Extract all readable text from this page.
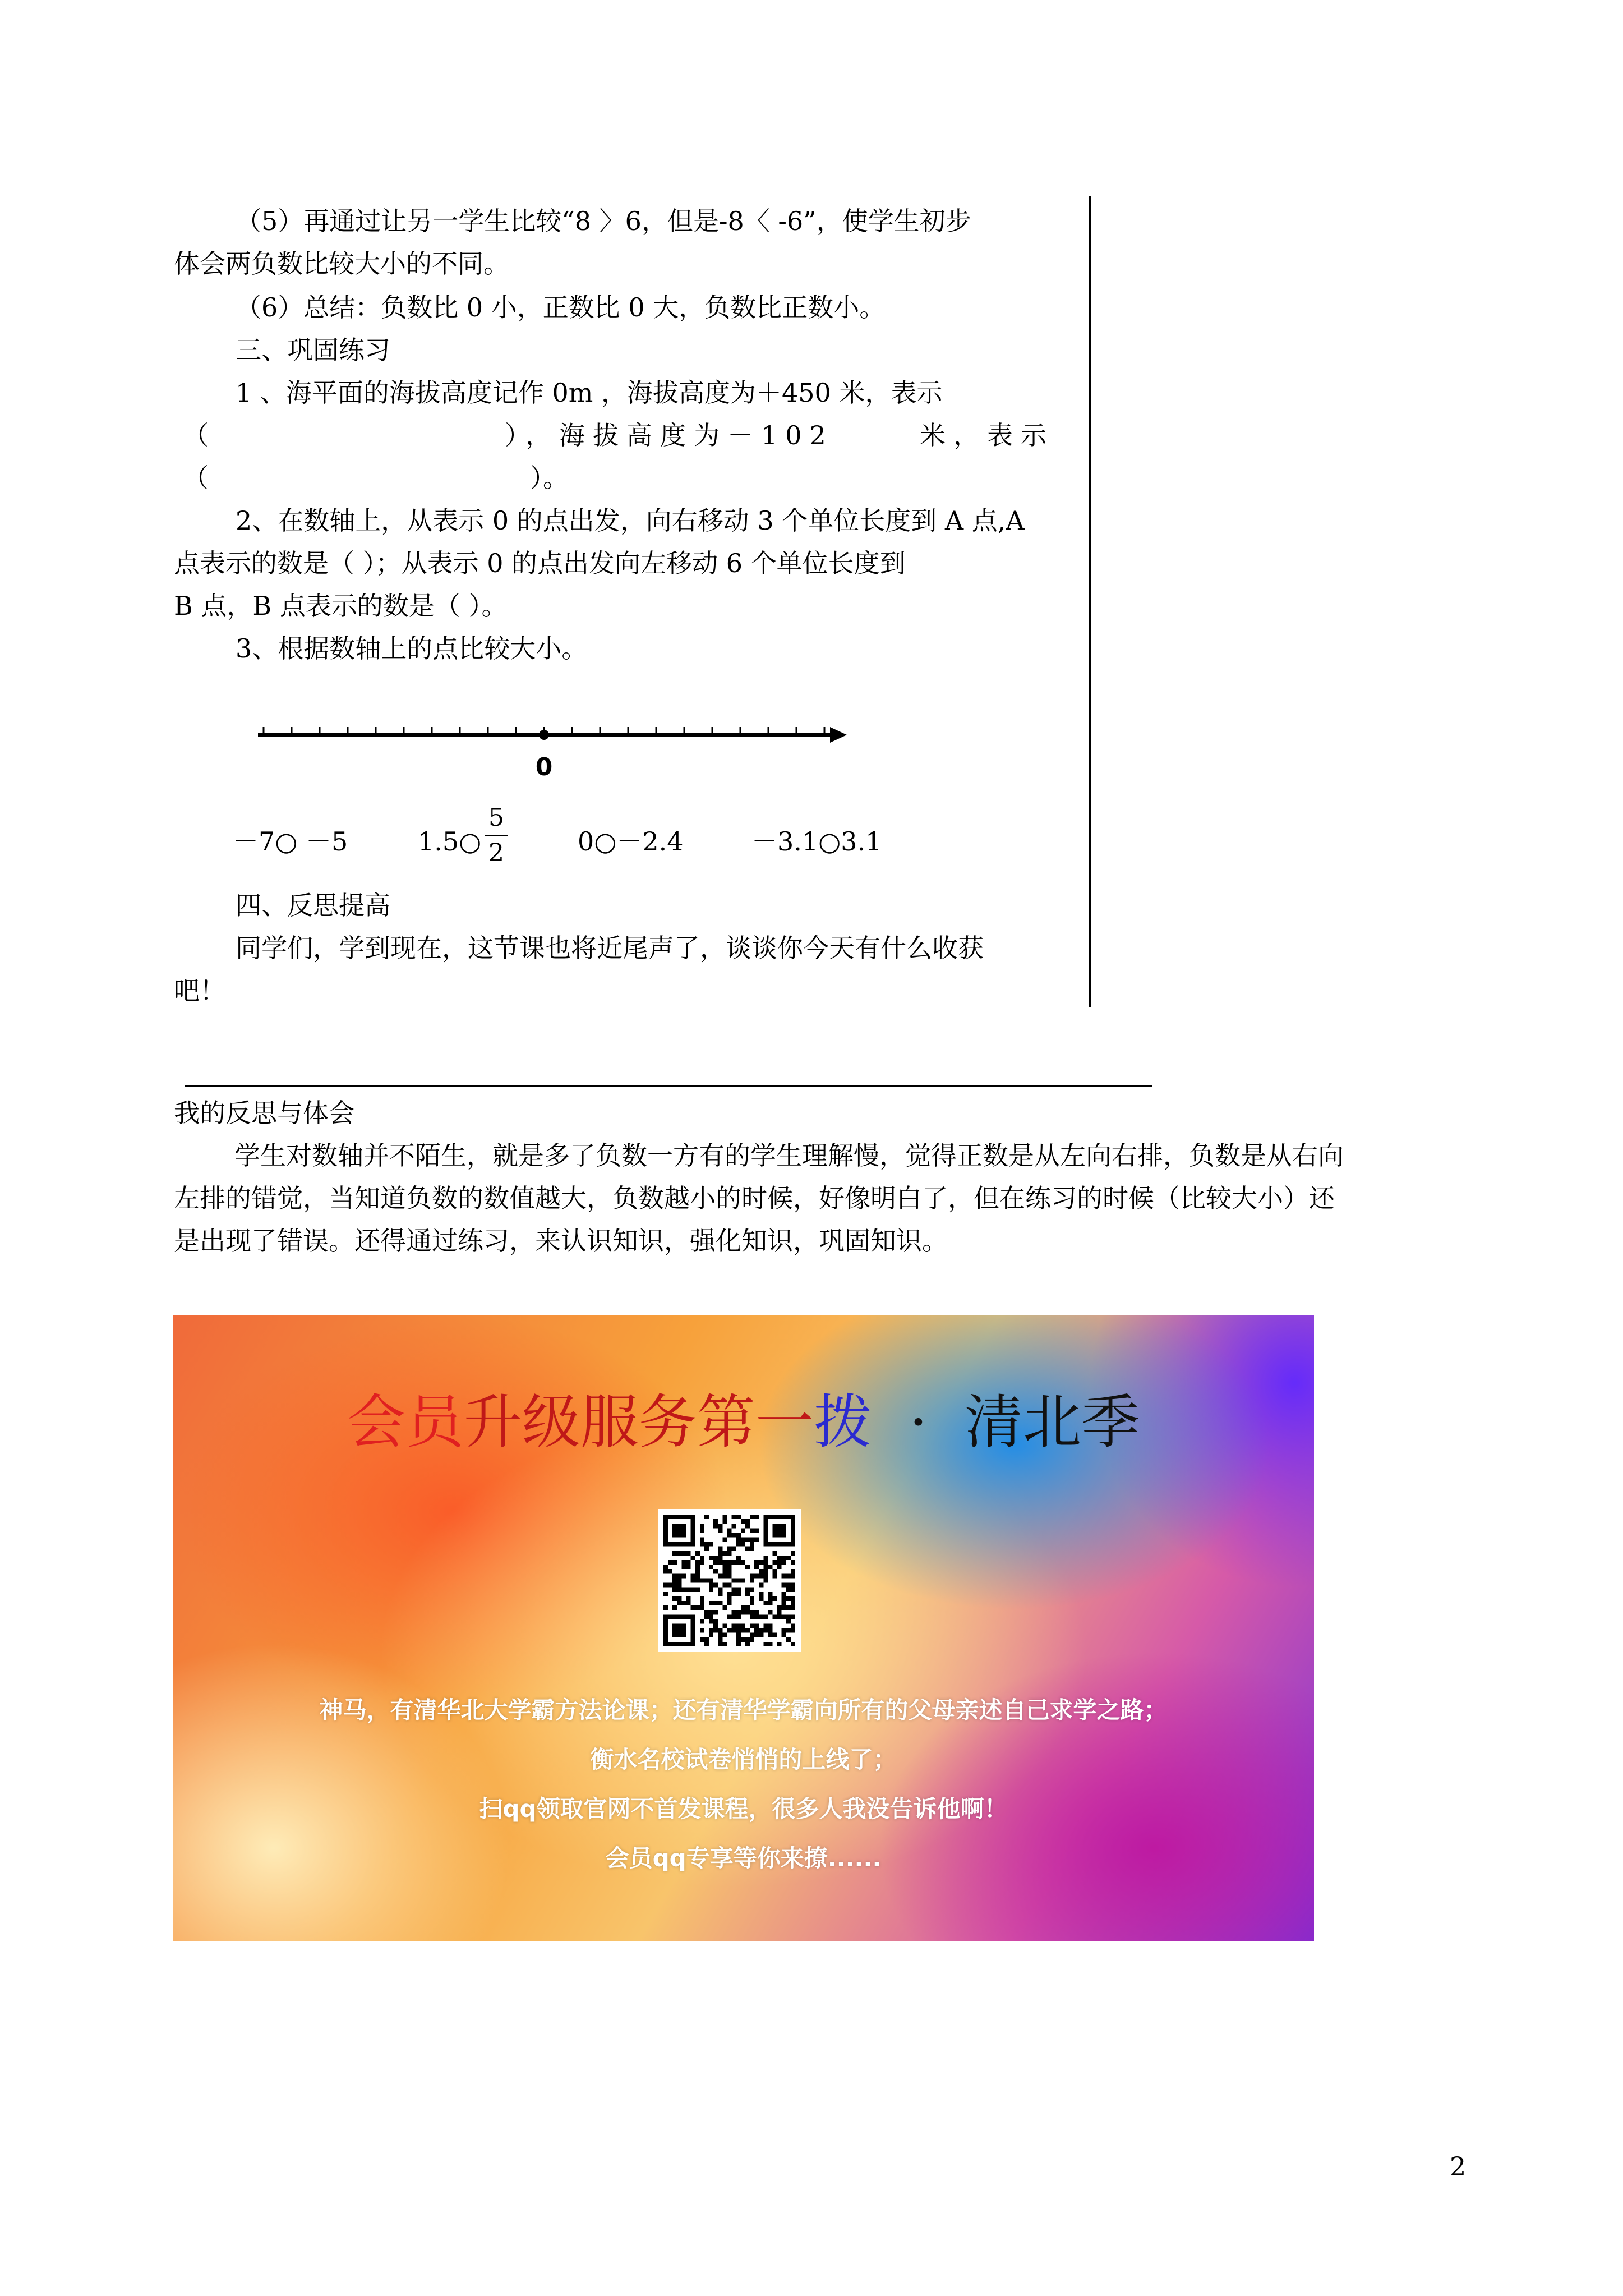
（5）再通过让另一学生比较“8 〉6，但是-8〈 -6”，使学生初步
体会两负数比较大小的不同。
（6）总结：负数比 0 小，正数比 0 大，负数比正数小。
三、巩固练习
1 、海平面的海拔高度记作 0m ，海拔高度为＋450 米，表示
（	），海拔高度为－102	米，表示
（	）。
2、在数轴上，从表示 0 的点出发，向右移动 3 个单位长度到 A 点,A
点表示的数是（ ）；从表示 0 的点出发向左移动 6 个单位长度到
B 点，B 点表示的数是（ ）。
3、根据数轴上的点比较大小。
0
－7○ －5	1.5○
5
2	0○－2.4	－3.1○3.1
四、反思提高
同学们，学到现在，这节课也将近尾声了，谈谈你今天有什么收获
吧！
我的反思与体会
学生对数轴并不陌生，就是多了负数一方有的学生理解慢，觉得正数是从左向右排，负数是从右向
左排的错觉，当知道负数的数值越大，负数越小的时候，好像明白了，但在练习的时候（比较大小）还
是出现了错误。还得通过练习，来认识知识，强化知识，巩固知识。
会员升级服务第一拨  ·  清北季
神马，有清华北大学霸方法论课；还有清华学霸向所有的父母亲述自己求学之路；
衡水名校试卷悄悄的上线了；
扫qq领取官网不首发课程，很多人我没告诉他啊！
会员qq专享等你来撩......
2
